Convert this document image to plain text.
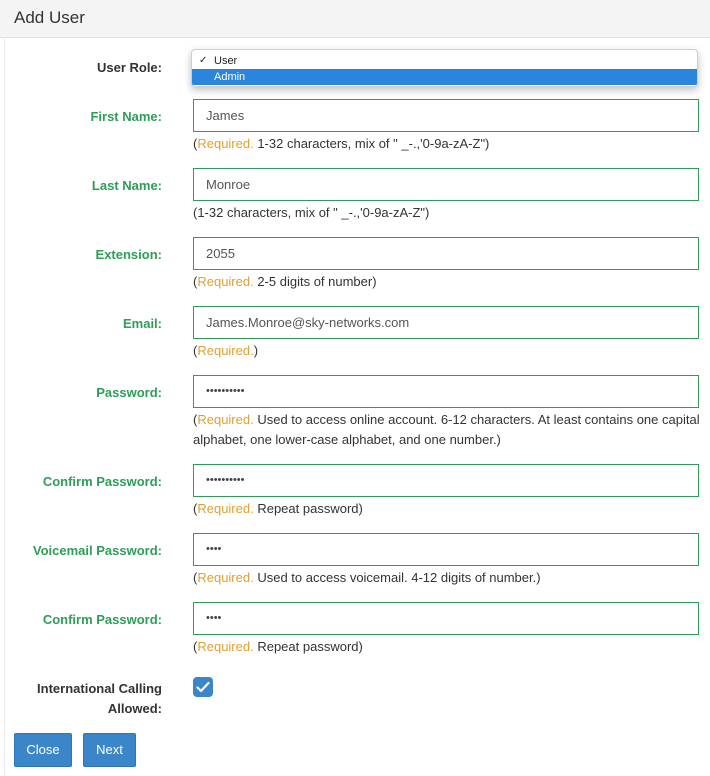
Add User
User Role:	✓ User
Admin
First Name:	James
(Required. 1-32 characters, mix of " _-.,'0-9a-zA-Z")
Last Name:	Monroe
(1-32 characters, mix of " _-.,'0-9a-zA-Z")
Extension:	2055
(Required. 2-5 digits of number)
Email:	James.Monroe@sky-networks.com
(Required.)
Password:	••••••••••
(Required. Used to access online account. 6-12 characters. At least contains one capital alphabet, one lower-case alphabet, and one number.)
Confirm Password:	••••••••••
(Required. Repeat password)
Voicemail Password:	••••
(Required. Used to access voicemail. 4-12 digits of number.)
Confirm Password:	••••
(Required. Repeat password)
International Calling
Allowed:
Close	Next
